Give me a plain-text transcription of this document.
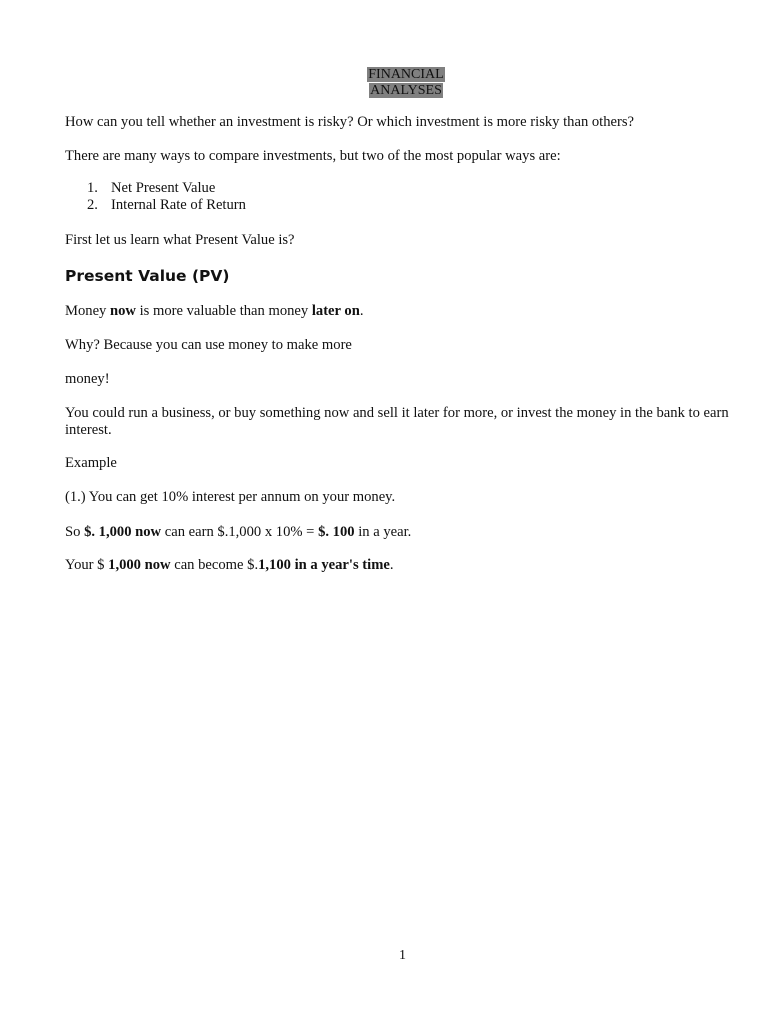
FINANCIAL
ANALYSES
How can you tell whether an investment is risky? Or which investment is more risky than others?
There are many ways to compare investments, but two of the most popular ways are:
1. Net Present Value
2. Internal Rate of Return
First let us learn what Present Value is?
Present Value (PV)
Money now is more valuable than money later on.
Why? Because you can use money to make more
money!
You could run a business, or buy something now and sell it later for more, or invest the money in the bank to earn interest.
Example
(1.) You can get 10% interest per annum on your money.
So $. 1,000 now can earn $.1,000 x 10% = $. 100 in a year.
Your $ 1,000 now can become $.1,100 in a year's time.
1
